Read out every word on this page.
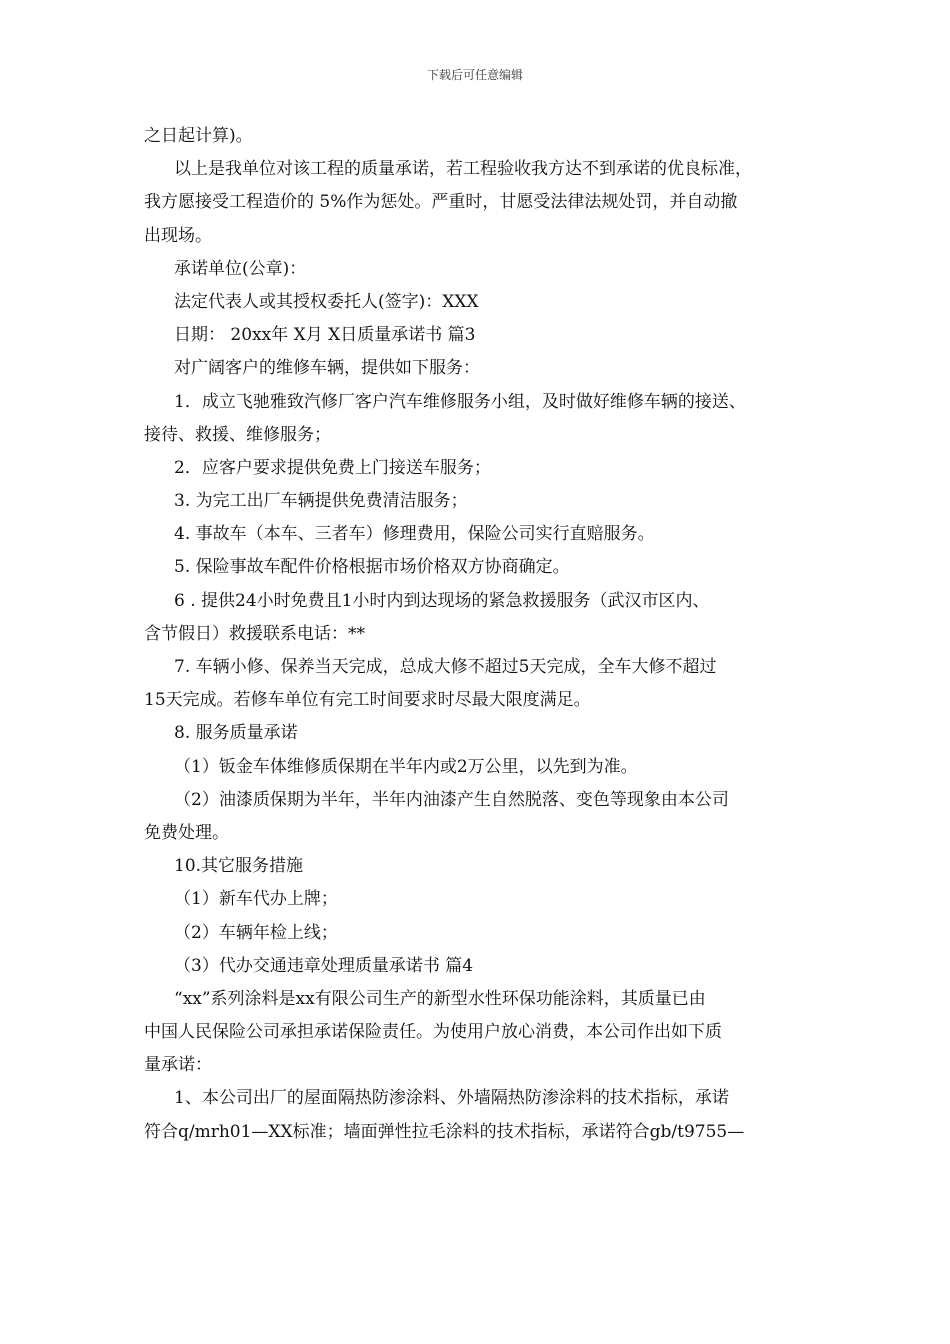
下载后可任意编辑
之日起计算)。
以上是我单位对该工程的质量承诺，若工程验收我方达不到承诺的优良标准，
我方愿接受工程造价的 5%作为惩处。严重时，甘愿受法律法规处罚，并自动撤
出现场。
承诺单位(公章)：
法定代表人或其授权委托人(签字)：XXX
日期： 20xx年 X月 X日质量承诺书 篇3
对广阔客户的维修车辆，提供如下服务：
1．成立飞驰雅致汽修厂客户汽车维修服务小组，及时做好维修车辆的接送、
接待、救援、维修服务；
2．应客户要求提供免费上门接送车服务；
3. 为完工出厂车辆提供免费清洁服务；
4. 事故车（本车、三者车）修理费用，保险公司实行直赔服务。
5. 保险事故车配件价格根据市场价格双方协商确定。
6 . 提供24小时免费且1小时内到达现场的紧急救援服务（武汉市区内、
含节假日）救援联系电话：**
7. 车辆小修、保养当天完成，总成大修不超过5天完成，全车大修不超过
15天完成。若修车单位有完工时间要求时尽最大限度满足。
8. 服务质量承诺
（1）钣金车体维修质保期在半年内或2万公里，以先到为准。
（2）油漆质保期为半年，半年内油漆产生自然脱落、变色等现象由本公司
免费处理。
10.其它服务措施
（1）新车代办上牌；
（2）车辆年检上线；
（3）代办交通违章处理质量承诺书 篇4
“xx”系列涂料是xx有限公司生产的新型水性环保功能涂料，其质量已由
中国人民保险公司承担承诺保险责任。为使用户放心消费，本公司作出如下质
量承诺：
1、本公司出厂的屋面隔热防渗涂料、外墙隔热防渗涂料的技术指标，承诺
符合q/mrh01—XX标准；墙面弹性拉毛涂料的技术指标，承诺符合gb/t9755—
